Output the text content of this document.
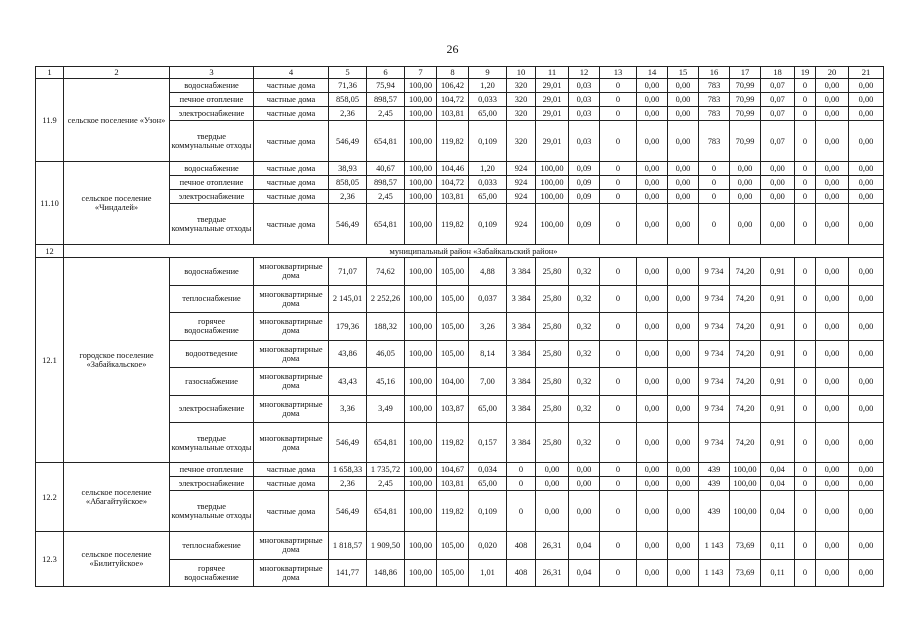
26
1	2	3	4	5	6	7	8	9	10	11	12	13	14	15	16	17	18	19	20	21
11.9	сельское поселение «Узон»	водоснабжение	частные дома	71,36	75,94	100,00	106,42	1,20	320	29,01	0,03	0	0,00	0,00	783	70,99	0,07	0	0,00	0,00
		печное отопление	частные дома	858,05	898,57	100,00	104,72	0,033	320	29,01	0,03	0	0,00	0,00	783	70,99	0,07	0	0,00	0,00
		электроснабжение	частные дома	2,36	2,45	100,00	103,81	65,00	320	29,01	0,03	0	0,00	0,00	783	70,99	0,07	0	0,00	0,00
		твердые коммунальные отходы	частные дома	546,49	654,81	100,00	119,82	0,109	320	29,01	0,03	0	0,00	0,00	783	70,99	0,07	0	0,00	0,00
11.10	сельское поселение «Чиндалей»	водоснабжение	частные дома	38,93	40,67	100,00	104,46	1,20	924	100,00	0,09	0	0,00	0,00	0	0,00	0,00	0	0,00	0,00
		печное отопление	частные дома	858,05	898,57	100,00	104,72	0,033	924	100,00	0,09	0	0,00	0,00	0	0,00	0,00	0	0,00	0,00
		электроснабжение	частные дома	2,36	2,45	100,00	103,81	65,00	924	100,00	0,09	0	0,00	0,00	0	0,00	0,00	0	0,00	0,00
		твердые коммунальные отходы	частные дома	546,49	654,81	100,00	119,82	0,109	924	100,00	0,09	0	0,00	0,00	0	0,00	0,00	0	0,00	0,00
12	муниципальный район «Забайкальский район»																			
12.1	городское поселение «Забайкальское»	водоснабжение	многоквартирные дома	71,07	74,62	100,00	105,00	4,88	3 384	25,80	0,32	0	0,00	0,00	9 734	74,20	0,91	0	0,00	0,00
		теплоснабжение	многоквартирные дома	2 145,01	2 252,26	100,00	105,00	0,037	3 384	25,80	0,32	0	0,00	0,00	9 734	74,20	0,91	0	0,00	0,00
		горячее водоснабжение	многоквартирные дома	179,36	188,32	100,00	105,00	3,26	3 384	25,80	0,32	0	0,00	0,00	9 734	74,20	0,91	0	0,00	0,00
		водоотведение	многоквартирные дома	43,86	46,05	100,00	105,00	8,14	3 384	25,80	0,32	0	0,00	0,00	9 734	74,20	0,91	0	0,00	0,00
		газоснабжение	многоквартирные дома	43,43	45,16	100,00	104,00	7,00	3 384	25,80	0,32	0	0,00	0,00	9 734	74,20	0,91	0	0,00	0,00
		электроснабжение	многоквартирные дома	3,36	3,49	100,00	103,87	65,00	3 384	25,80	0,32	0	0,00	0,00	9 734	74,20	0,91	0	0,00	0,00
		твердые коммунальные отходы	многоквартирные дома	546,49	654,81	100,00	119,82	0,157	3 384	25,80	0,32	0	0,00	0,00	9 734	74,20	0,91	0	0,00	0,00
12.2	сельское поселение «Абагайтуйское»	печное отопление	частные дома	1 658,33	1 735,72	100,00	104,67	0,034	0	0,00	0,00	0	0,00	0,00	439	100,00	0,04	0	0,00	0,00
		электроснабжение	частные дома	2,36	2,45	100,00	103,81	65,00	0	0,00	0,00	0	0,00	0,00	439	100,00	0,04	0	0,00	0,00
		твердые коммунальные отходы	частные дома	546,49	654,81	100,00	119,82	0,109	0	0,00	0,00	0	0,00	0,00	439	100,00	0,04	0	0,00	0,00
12.3	сельское поселение «Билитуйское»	теплоснабжение	многоквартирные дома	1 818,57	1 909,50	100,00	105,00	0,020	408	26,31	0,04	0	0,00	0,00	1 143	73,69	0,11	0	0,00	0,00
		горячее водоснабжение	многоквартирные дома	141,77	148,86	100,00	105,00	1,01	408	26,31	0,04	0	0,00	0,00	1 143	73,69	0,11	0	0,00	0,00
